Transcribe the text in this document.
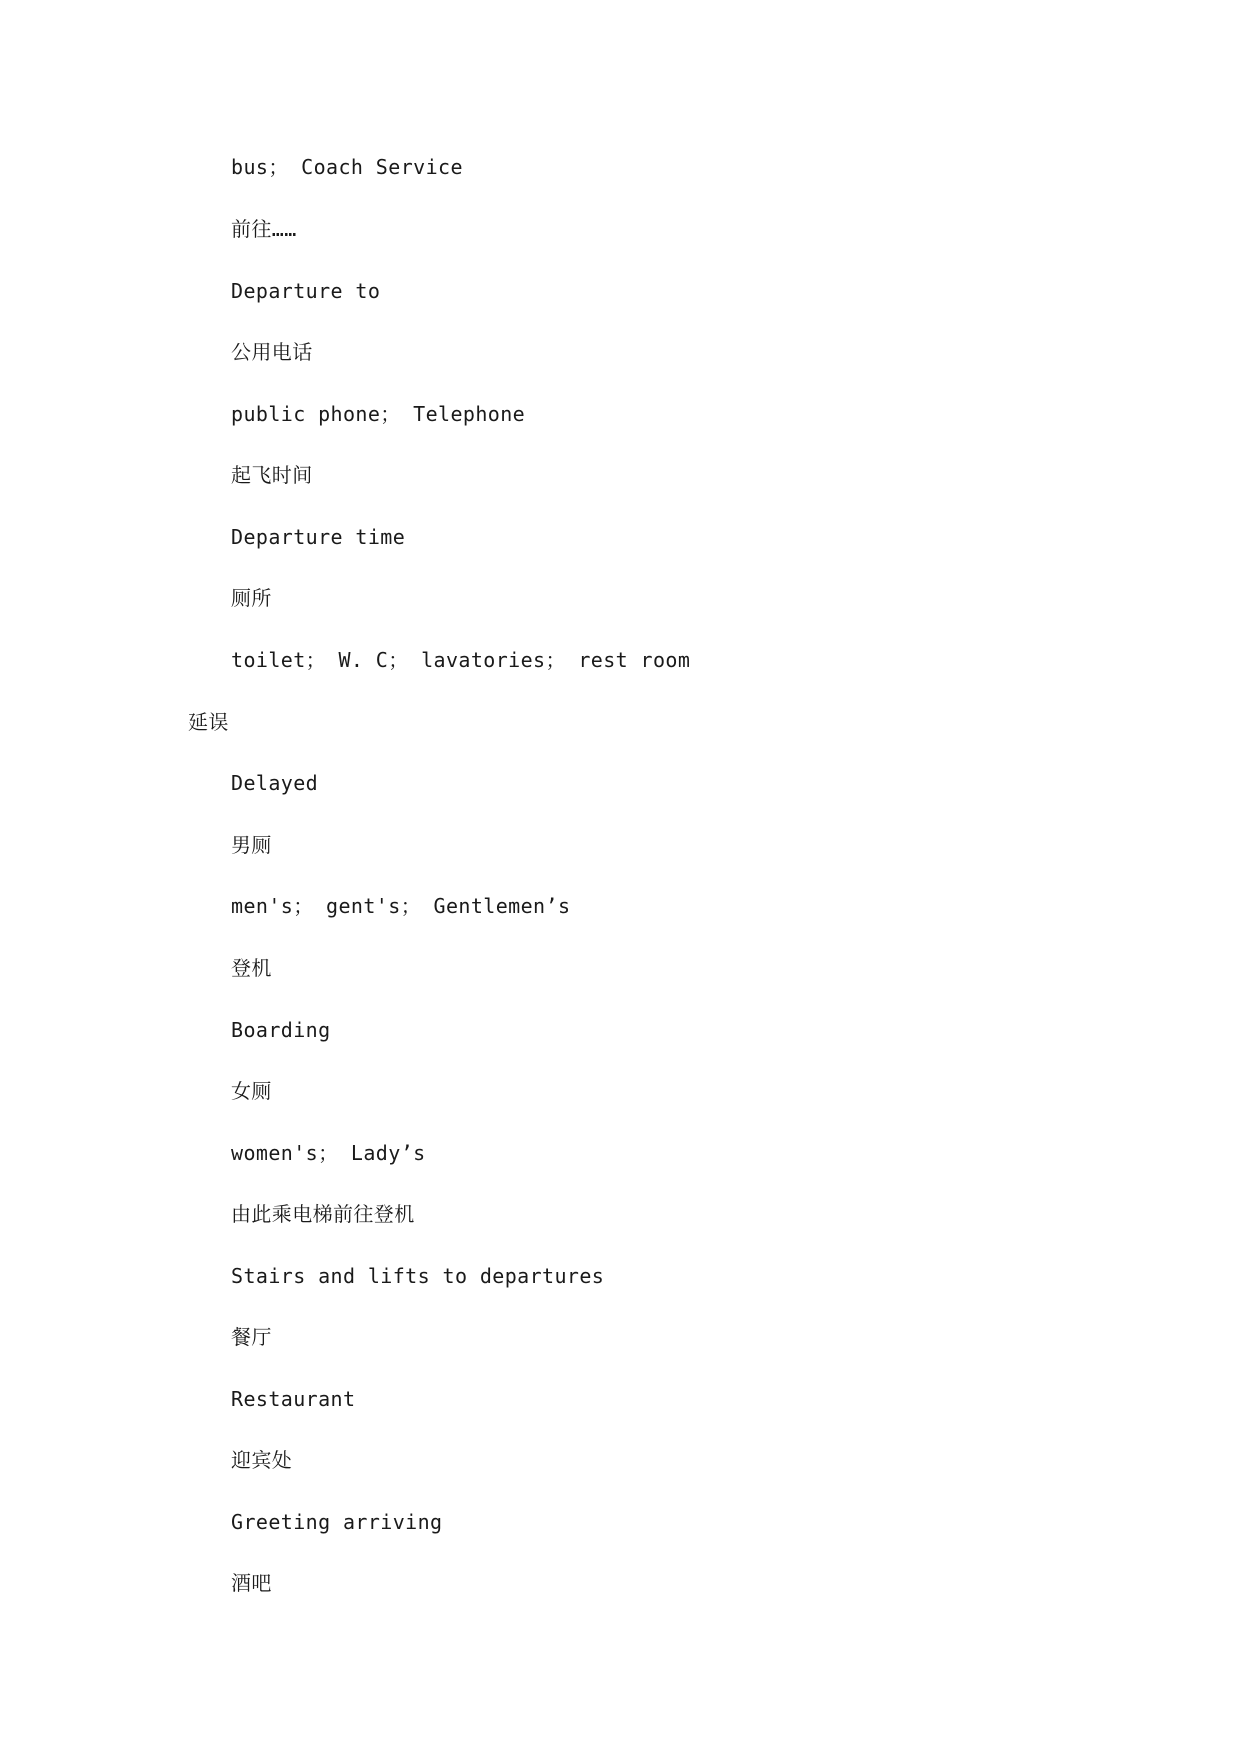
bus； Coach Service
前往……
Departure to
公用电话
public phone； Telephone
起飞时间
Departure time
厕所
toilet； W. C； lavatories； rest room
延误
Delayed
男厕
men's； gent's； Gentlemen’s
登机
Boarding
女厕
women's； Lady’s
由此乘电梯前往登机
Stairs and lifts to departures
餐厅
Restaurant
迎宾处
Greeting arriving
酒吧
